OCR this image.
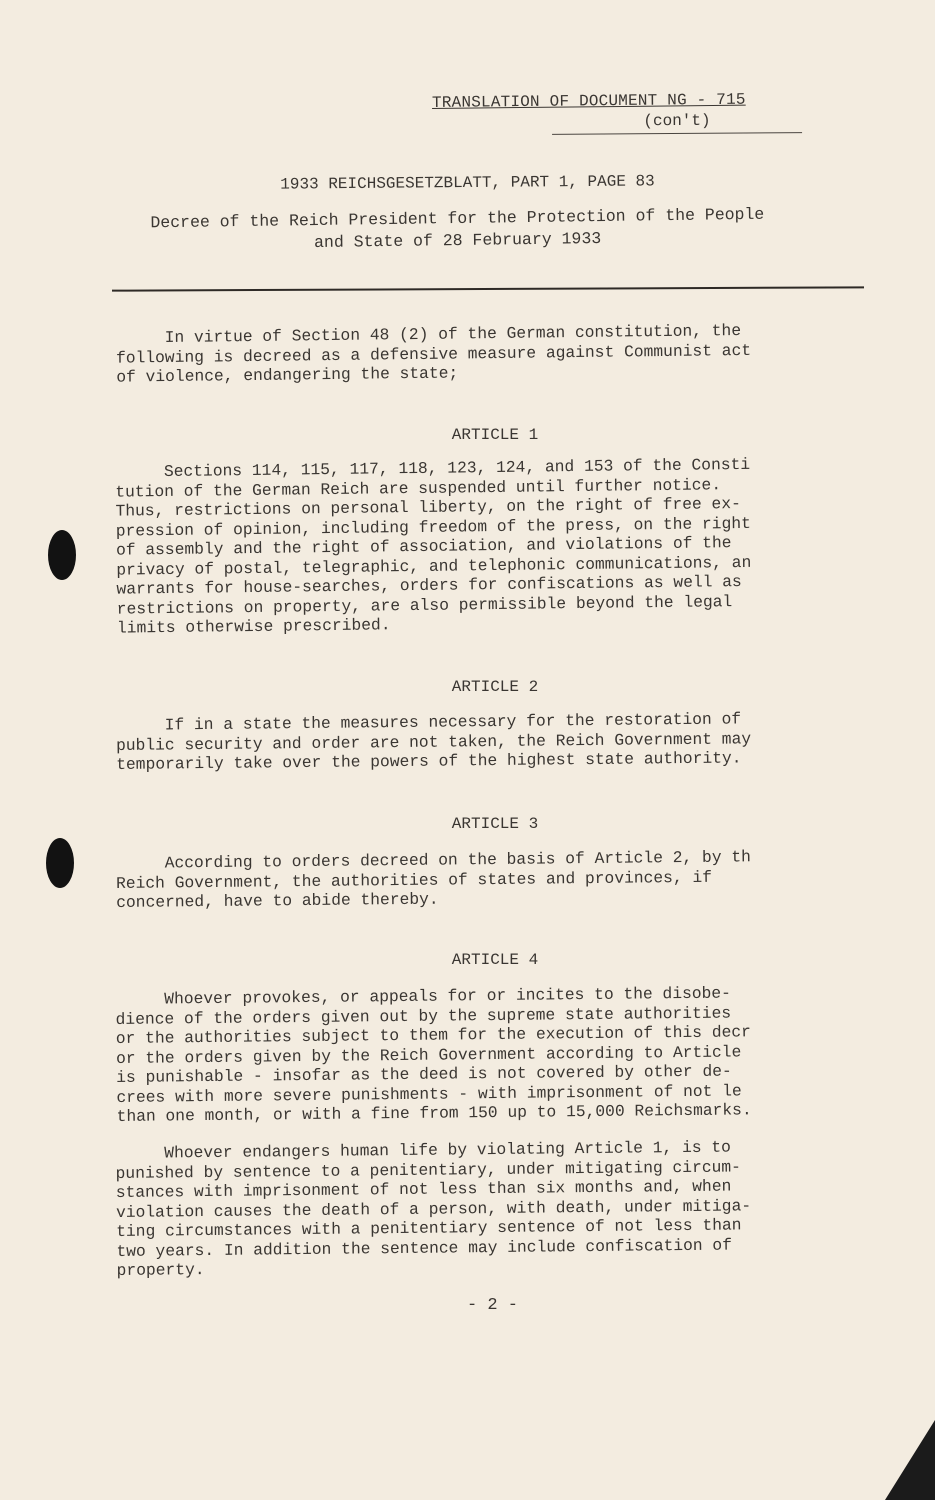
TRANSLATION OF DOCUMENT NG - 715
(con't)
1933 REICHSGESETZBLATT, PART 1, PAGE 83
Decree of the Reich President for the Protection of the People
and State of 28 February 1933
In virtue of Section 48 (2) of the German constitution, the
following is decreed as a defensive measure against Communist act
of violence, endangering the state;
ARTICLE 1
Sections 114, 115, 117, 118, 123, 124, and 153 of the Consti
tution of the German Reich are suspended until further notice.
Thus, restrictions on personal liberty, on the right of free ex-
pression of opinion, including freedom of the press, on the right
of assembly and the right of association, and violations of the
privacy of postal, telegraphic, and telephonic communications, an
warrants for house-searches, orders for confiscations as well as
restrictions on property, are also permissible beyond the legal
limits otherwise prescribed.
ARTICLE 2
If in a state the measures necessary for the restoration of
public security and order are not taken, the Reich Government may
temporarily take over the powers of the highest state authority.
ARTICLE 3
According to orders decreed on the basis of Article 2, by th
Reich Government, the authorities of states and provinces, if
concerned, have to abide thereby.
ARTICLE 4
Whoever provokes, or appeals for or incites to the disobe-
dience of the orders given out by the supreme state authorities
or the authorities subject to them for the execution of this decr
or the orders given by the Reich Government according to Article
is punishable - insofar as the deed is not covered by other de-
crees with more severe punishments - with imprisonment of not le
than one month, or with a fine from 150 up to 15,000 Reichsmarks.
Whoever endangers human life by violating Article 1, is to
punished by sentence to a penitentiary, under mitigating circum-
stances with imprisonment of not less than six months and, when
violation causes the death of a person, with death, under mitiga-
ting circumstances with a penitentiary sentence of not less than
two years. In addition the sentence may include confiscation of
property.
- 2 -
